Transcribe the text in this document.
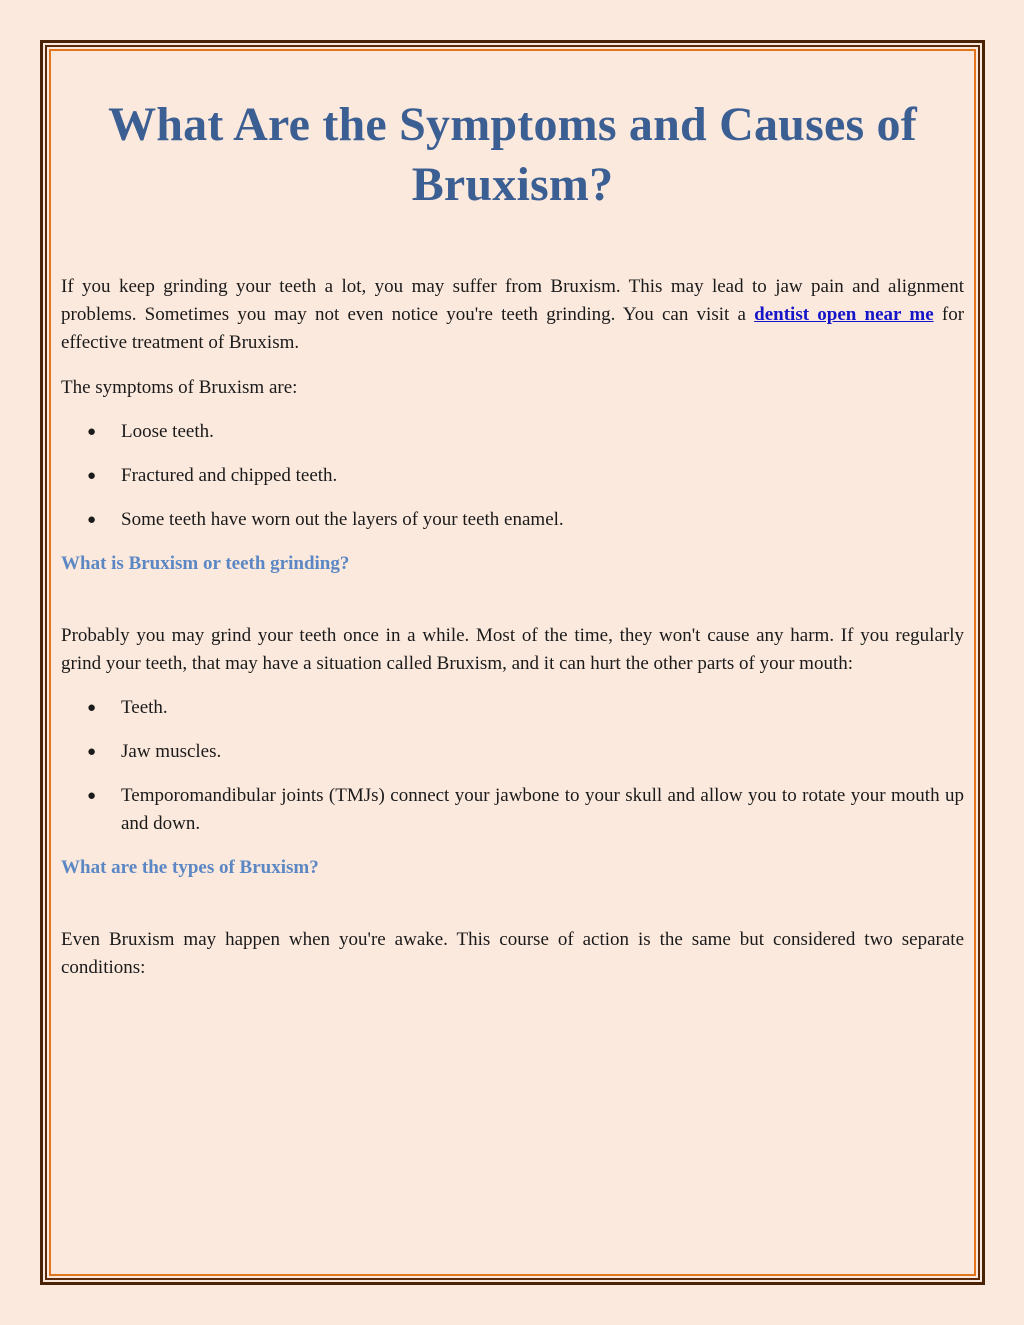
What Are the Symptoms and Causes of Bruxism?

If you keep grinding your teeth a lot, you may suffer from Bruxism. This may lead to jaw pain and alignment problems. Sometimes you may not even notice you're teeth grinding. You can visit a dentist open near me for effective treatment of Bruxism.

The symptoms of Bruxism are:

● Loose teeth.
● Fractured and chipped teeth.
● Some teeth have worn out the layers of your teeth enamel.
What is Bruxism or teeth grinding?

Probably you may grind your teeth once in a while. Most of the time, they won't cause any harm. If you regularly grind your teeth, that may have a situation called Bruxism, and it can hurt the other parts of your mouth:

● Teeth.
● Jaw muscles.
● Temporomandibular joints (TMJs) connect your jawbone to your skull and allow you to rotate your mouth up and down.
What are the types of Bruxism?

Even Bruxism may happen when you're awake. This course of action is the same but considered two separate conditions:
